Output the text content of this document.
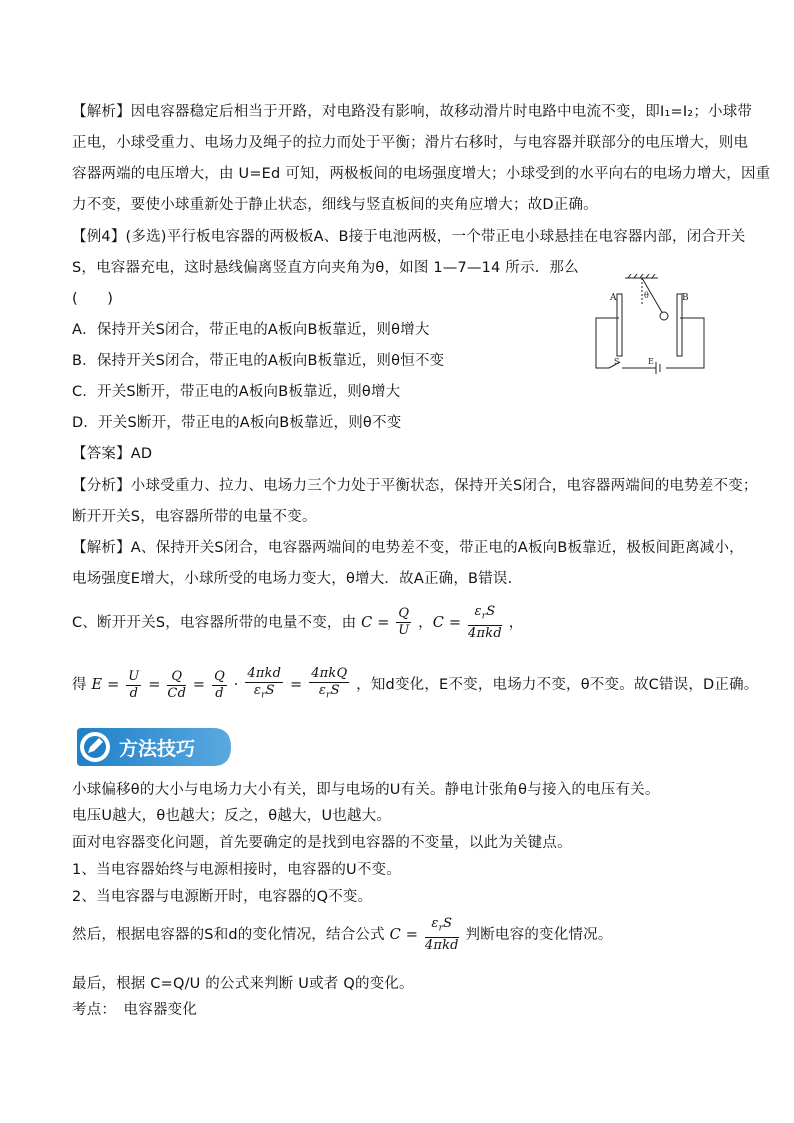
【解析】因电容器稳定后相当于开路，对电路没有影响，故移动滑片时电路中电流不变，即I₁=I₂；小球带
正电，小球受重力、电场力及绳子的拉力而处于平衡；滑片右移时，与电容器并联部分的电压增大，则电
容器两端的电压增大，由 U=Ed 可知，两极板间的电场强度增大；小球受到的水平向右的电场力增大，因重
力不变，要使小球重新处于静止状态，细线与竖直板间的夹角应增大；故D正确。
【例4】(多选)平行板电容器的两极板A、B接于电池两极，一个带正电小球悬挂在电容器内部，闭合开关
S，电容器充电，这时悬线偏离竖直方向夹角为θ，如图 1—7—14 所示．那么
(　　)
A．保持开关S闭合，带正电的A板向B板靠近，则θ增大
B．保持开关S闭合，带正电的A板向B板靠近，则θ恒不变
C．开关S断开，带正电的A板向B板靠近，则θ增大
D．开关S断开，带正电的A板向B板靠近，则θ不变
A	B
θ
S	E
【答案】AD
【分析】小球受重力、拉力、电场力三个力处于平衡状态，保持开关S闭合，电容器两端间的电势差不变；
断开开关S，电容器所带的电量不变。
【解析】A、保持开关S闭合，电容器两端间的电势差不变，带正电的A板向B板靠近，极板间距离减小，
电场强度E增大，小球所受的电场力变大，θ增大．故A正确，B错误．
C、断开开关S，电容器所带的电量不变，由 $C = \frac{Q}{U}$ ，$C = \frac{\varepsilon_rS}{\text{4πkd}}$ ，
得 $E = \frac{U}{d} = \frac{Q}{Cd} = \frac{Q}{d} \cdot \frac{\text{4πkd}}{\varepsilon_rS} = \frac{\text{4πkQ}}{\varepsilon_rS}$ ，知d变化，E不变，电场力不变，θ不变。故C错误，D正确。
方法技巧
小球偏移θ的大小与电场力大小有关，即与电场的U有关。静电计张角θ与接入的电压有关。
电压U越大，θ也越大；反之，θ越大，U也越大。
面对电容器变化问题，首先要确定的是找到电容器的不变量，以此为关键点。
1、当电容器始终与电源相接时，电容器的U不变。
2、当电容器与电源断开时，电容器的Q不变。
然后，根据电容器的S和d的变化情况，结合公式 $C = \frac{\varepsilon_rS}{\text{4πkd}}$ 判断电容的变化情况。
最后，根据 C=Q/U 的公式来判断 U或者 Q的变化。
考点：　电容器变化
